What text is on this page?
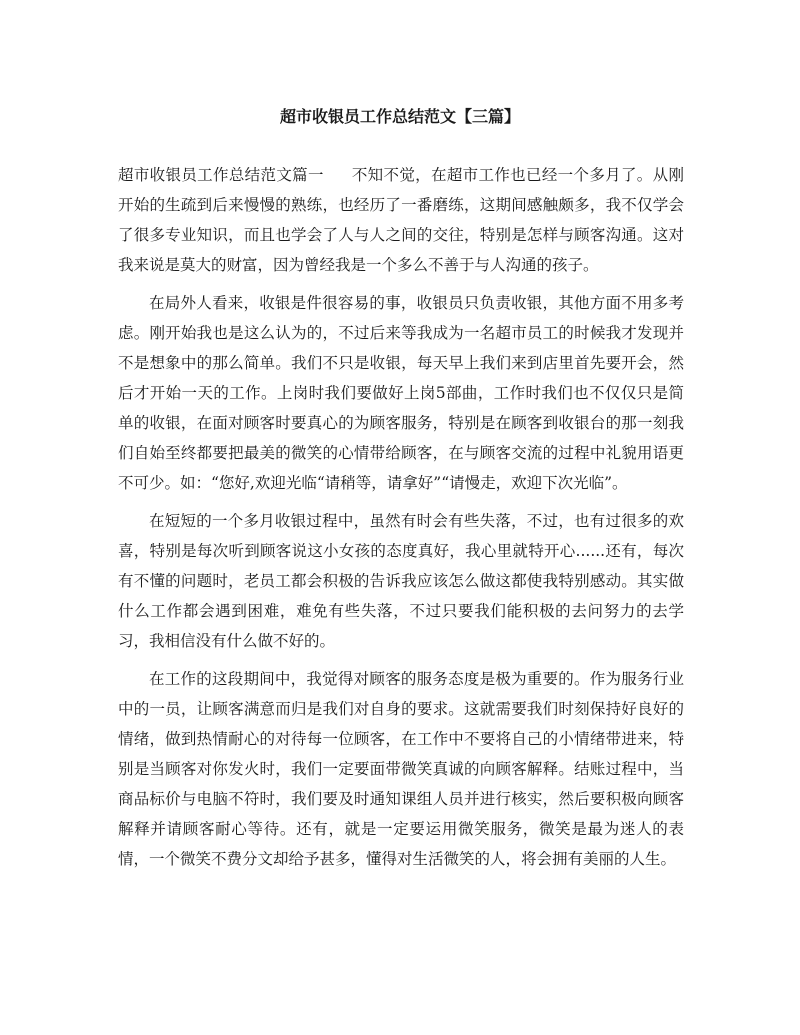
超市收银员工作总结范文【三篇】

超市收银员工作总结范文篇一 不知不觉，在超市工作也已经一个多月了。从刚开始的生疏到后来慢慢的熟练，也经历了一番磨练，这期间感触颇多，我不仅学会了很多专业知识，而且也学会了人与人之间的交往，特别是怎样与顾客沟通。这对我来说是莫大的财富，因为曾经我是一个多么不善于与人沟通的孩子。

在局外人看来，收银是件很容易的事，收银员只负责收银，其他方面不用多考虑。刚开始我也是这么认为的，不过后来等我成为一名超市员工的时候我才发现并不是想象中的那么简单。我们不只是收银，每天早上我们来到店里首先要开会，然后才开始一天的工作。上岗时我们要做好上岗5部曲，工作时我们也不仅仅只是简单的收银，在面对顾客时要真心的为顾客服务，特别是在顾客到收银台的那一刻我们自始至终都要把最美的微笑的心情带给顾客，在与顾客交流的过程中礼貌用语更不可少。如：“您好,欢迎光临“请稍等，请拿好”“请慢走，欢迎下次光临”。

在短短的一个多月收银过程中，虽然有时会有些失落，不过，也有过很多的欢喜，特别是每次听到顾客说这小女孩的态度真好，我心里就特开心......还有，每次有不懂的问题时，老员工都会积极的告诉我应该怎么做这都使我特别感动。其实做什么工作都会遇到困难，难免有些失落，不过只要我们能积极的去问努力的去学习，我相信没有什么做不好的。

在工作的这段期间中，我觉得对顾客的服务态度是极为重要的。作为服务行业中的一员，让顾客满意而归是我们对自身的要求。这就需要我们时刻保持好良好的情绪，做到热情耐心的对待每一位顾客，在工作中不要将自己的小情绪带进来，特别是当顾客对你发火时，我们一定要面带微笑真诚的向顾客解释。结账过程中，当商品标价与电脑不符时，我们要及时通知课组人员并进行核实，然后要积极向顾客解释并请顾客耐心等待。还有，就是一定要运用微笑服务，微笑是最为迷人的表情，一个微笑不费分文却给予甚多，懂得对生活微笑的人，将会拥有美丽的人生。
